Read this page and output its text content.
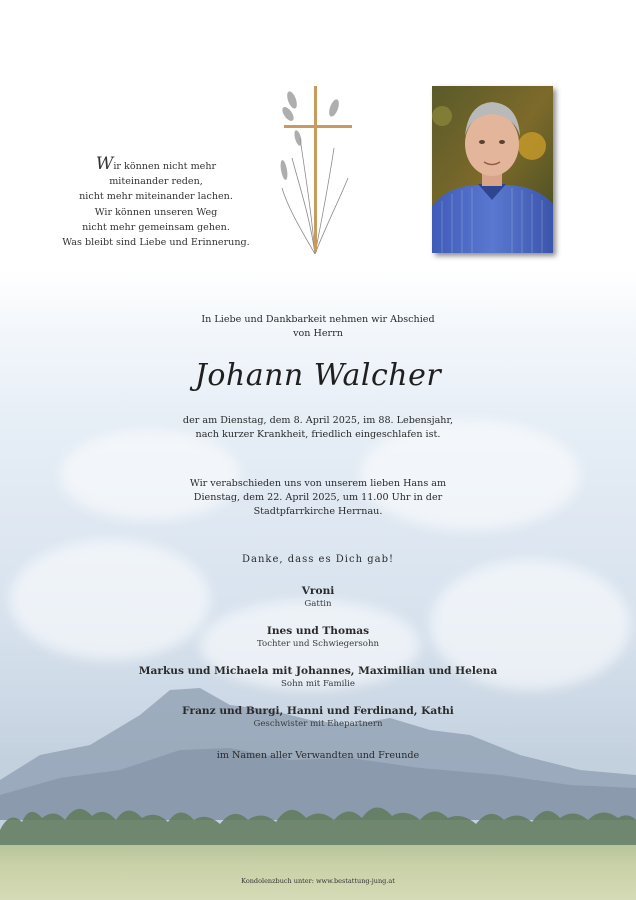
Wir können nicht mehr
miteinander reden,
nicht mehr miteinander lachen.
Wir können unseren Weg
nicht mehr gemeinsam gehen.
Was bleibt sind Liebe und Erinnerung.
In Liebe und Dankbarkeit nehmen wir Abschied
von Herrn
Johann Walcher
der am Dienstag, dem 8. April 2025, im 88. Lebensjahr,
nach kurzer Krankheit, friedlich eingeschlafen ist.
Wir verabschieden uns von unserem lieben Hans am
Dienstag, dem 22. April 2025, um 11.00 Uhr in der
Stadtpfarrkirche Herrnau.
Danke, dass es Dich gab!
Vroni
Gattin
Ines und Thomas
Tochter und Schwiegersohn
Markus und Michaela mit Johannes, Maximilian und Helena
Sohn mit Familie
Franz und Burgi, Hanni und Ferdinand, Kathi
Geschwister mit Ehepartnern
im Namen aller Verwandten und Freunde
Kondolenzbuch unter: www.bestattung-jung.at
